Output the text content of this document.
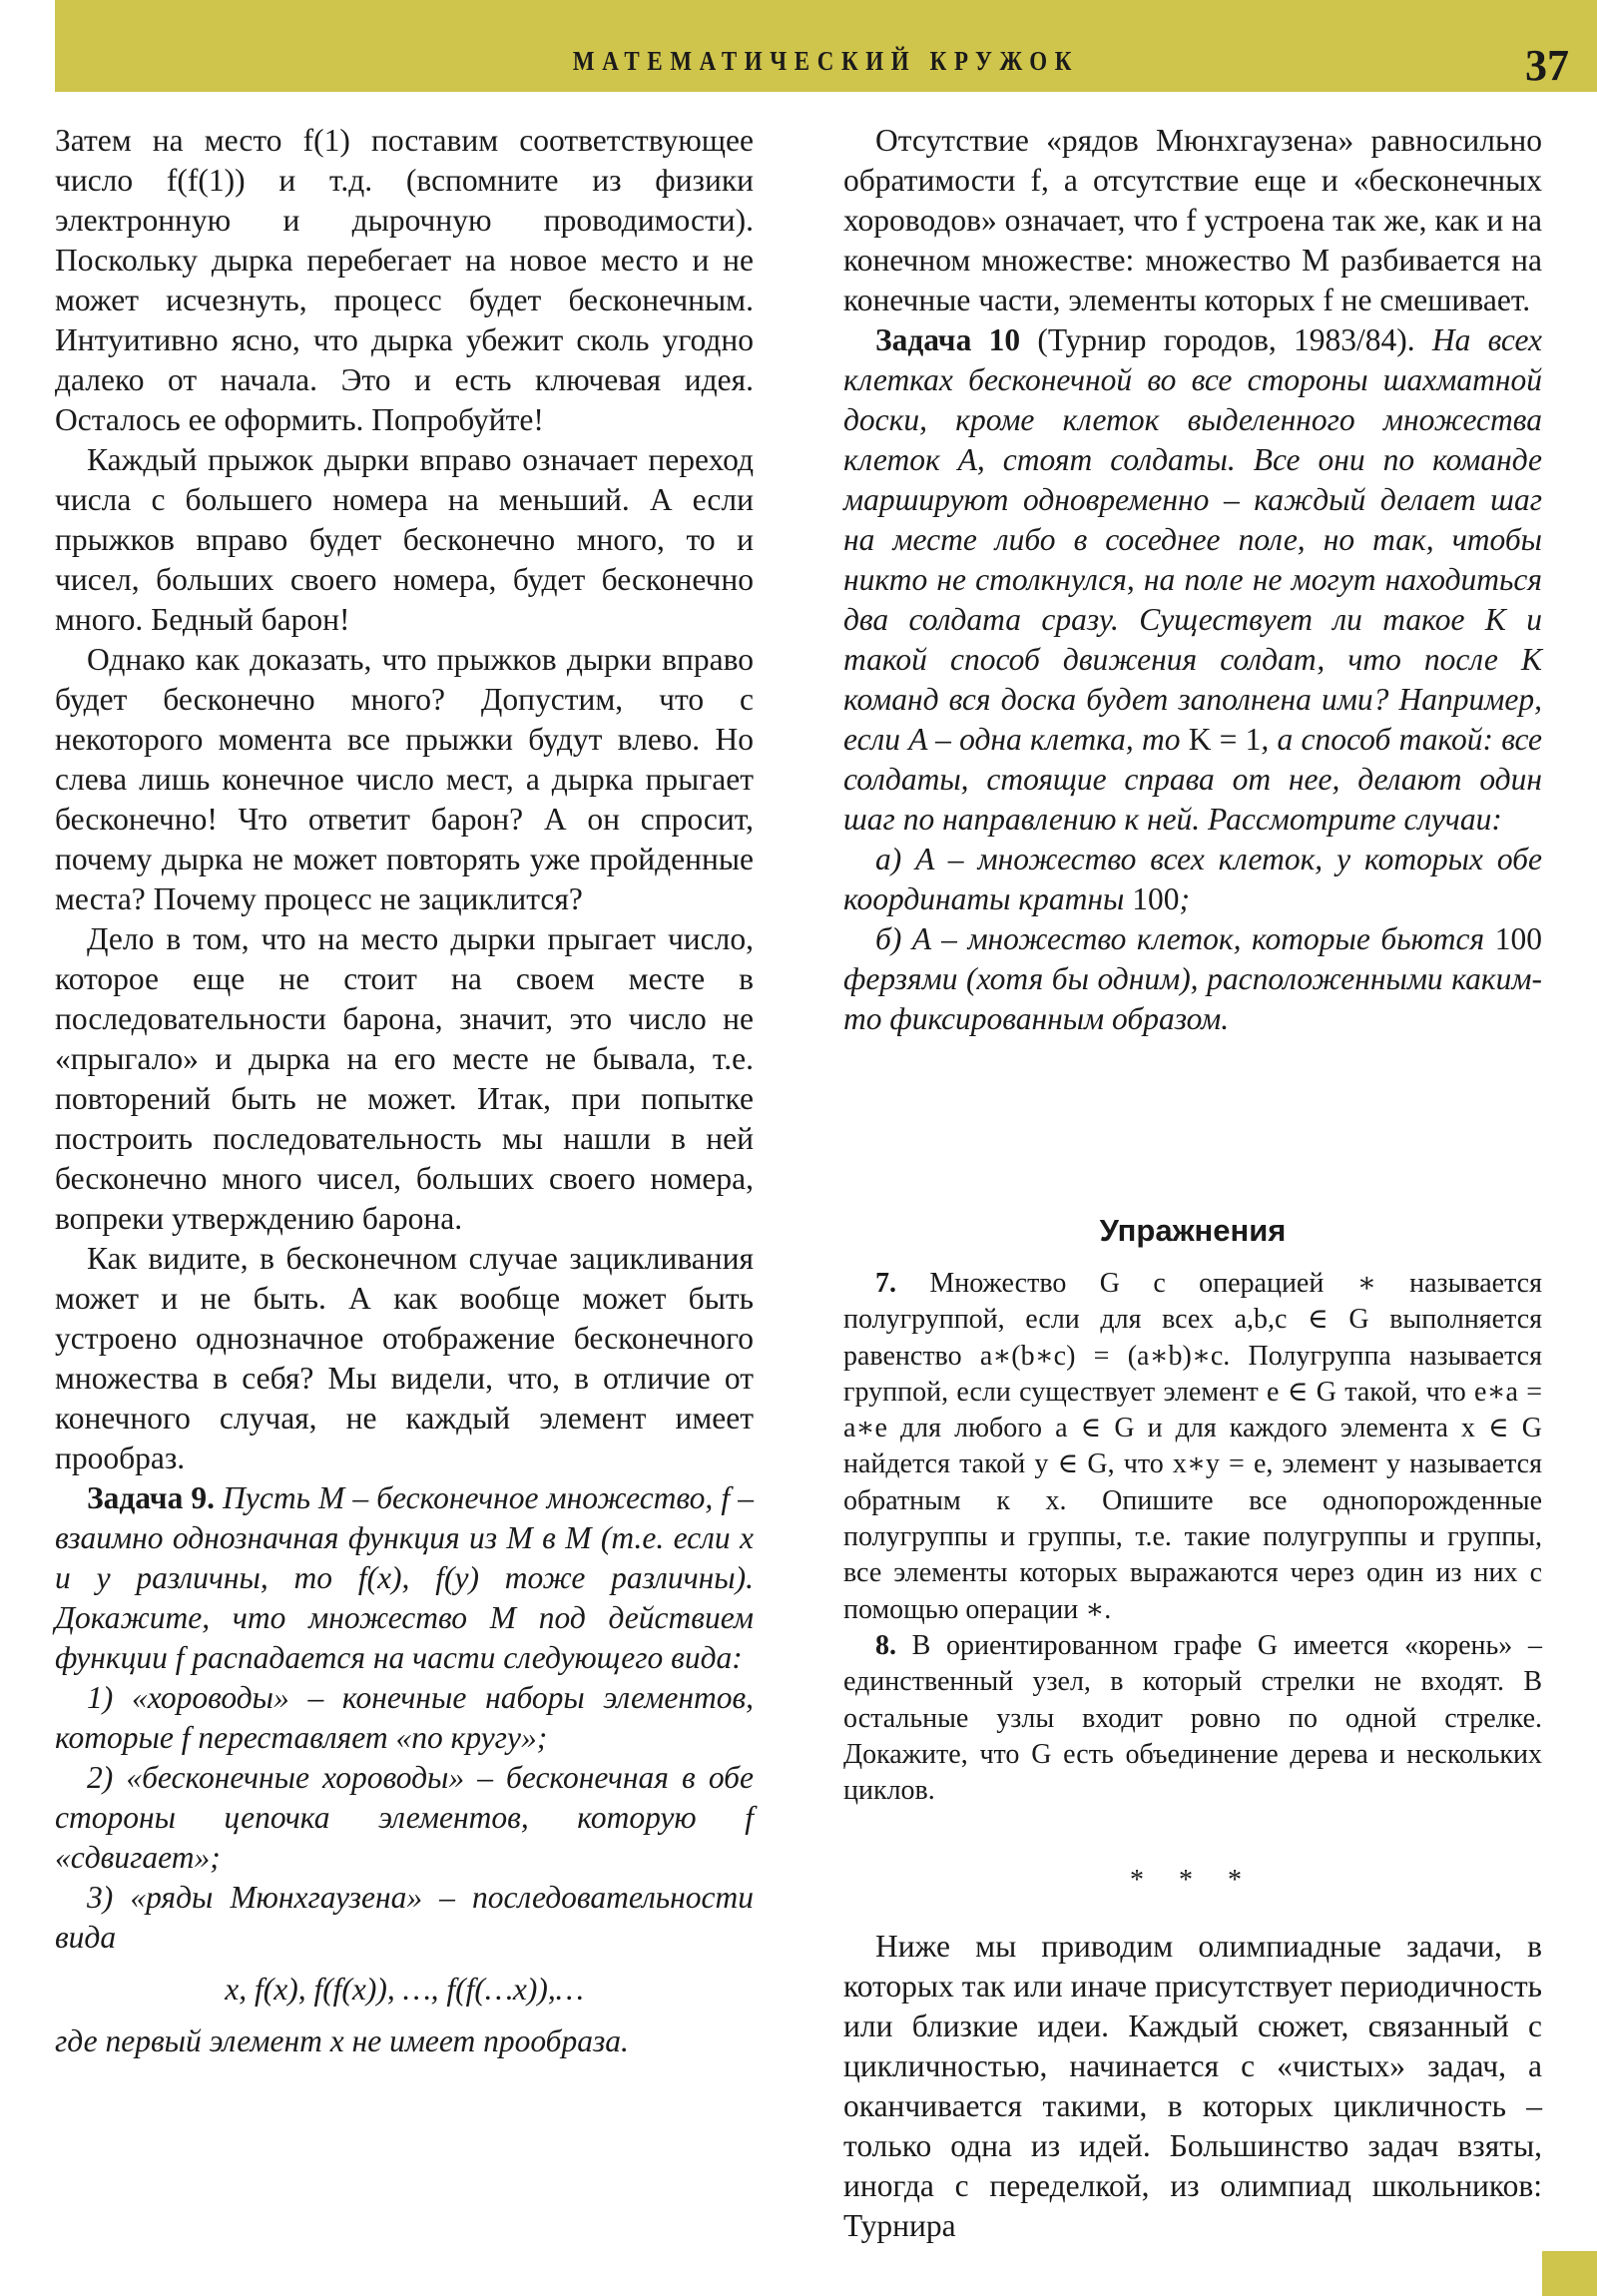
МАТЕМАТИЧЕСКИЙ КРУЖОК	37

Затем на место f(1) поставим соответствующее число f(f(1)) и т.д. (вспомните из физики электронную и дырочную проводимости). Поскольку дырка перебегает на новое место и не может исчезнуть, процесс будет бесконечным. Интуитивно ясно, что дырка убежит сколь угодно далеко от начала. Это и есть ключевая идея. Осталось ее оформить. Попробуйте!

Каждый прыжок дырки вправо означает переход числа с большего номера на меньший. А если прыжков вправо будет бесконечно много, то и чисел, больших своего номера, будет бесконечно много. Бедный барон!

Однако как доказать, что прыжков дырки вправо будет бесконечно много? Допустим, что с некоторого момента все прыжки будут влево. Но слева лишь конечное число мест, а дырка прыгает бесконечно! Что ответит барон? А он спросит, почему дырка не может повторять уже пройденные места? Почему процесс не зациклится?

Дело в том, что на место дырки прыгает число, которое еще не стоит на своем месте в последовательности барона, значит, это число не «прыгало» и дырка на его месте не бывала, т.е. повторений быть не может. Итак, при попытке построить последовательность мы нашли в ней бесконечно много чисел, больших своего номера, вопреки утверждению барона.

Как видите, в бесконечном случае зацикливания может и не быть. А как вообще может быть устроено однозначное отображение бесконечного множества в себя? Мы видели, что, в отличие от конечного случая, не каждый элемент имеет прообраз.

Задача 9. Пусть M – бесконечное множество, f – взаимно однозначная функция из M в M (т.е. если x и y различны, то f(x), f(y) тоже различны). Докажите, что множество M под действием функции f распадается на части следующего вида:

1) «хороводы» – конечные наборы элементов, которые f переставляет «по кругу»;

2) «бесконечные хороводы» – бесконечная в обе стороны цепочка элементов, которую f «сдвигает»;

3) «ряды Мюнхгаузена» – последовательности вида

x, f(x), f(f(x)), …, f(f(…x)),…

где первый элемент x не имеет прообраза.

Отсутствие «рядов Мюнхгаузена» равносильно обратимости f, а отсутствие еще и «бесконечных хороводов» означает, что f устроена так же, как и на конечном множестве: множество M разбивается на конечные части, элементы которых f не смешивает.

Задача 10 (Турнир городов, 1983/84). На всех клетках бесконечной во все стороны шахматной доски, кроме клеток выделенного множества клеток A, стоят солдаты. Все они по команде маршируют одновременно – каждый делает шаг на месте либо в соседнее поле, но так, чтобы никто не столкнулся, на поле не могут находиться два солдата сразу. Существует ли такое K и такой способ движения солдат, что после K команд вся доска будет заполнена ими? Например, если A – одна клетка, то K = 1, а способ такой: все солдаты, стоящие справа от нее, делают один шаг по направлению к ней. Рассмотрите случаи:

а) A – множество всех клеток, у которых обе координаты кратны 100;

б) A – множество клеток, которые бьются 100 ферзями (хотя бы одним), расположенными каким-то фиксированным образом.

Упражнения

7. Множество G с операцией ∗ называется полугруппой, если для всех a,b,c ∈ G выполняется равенство a∗(b∗c) = (a∗b)∗c. Полугруппа называется группой, если существует элемент e ∈ G такой, что e∗a = a∗e для любого a ∈ G и для каждого элемента x ∈ G найдется такой y ∈ G, что x∗y = e, элемент y называется обратным к x. Опишите все однопорожденные полугруппы и группы, т.е. такие полугруппы и группы, все элементы которых выражаются через один из них с помощью операции ∗.

8. В ориентированном графе G имеется «корень» – единственный узел, в который стрелки не входят. В остальные узлы входит ровно по одной стрелке. Докажите, что G есть объединение дерева и нескольких циклов.

* * *

Ниже мы приводим олимпиадные задачи, в которых так или иначе присутствует периодичность или близкие идеи. Каждый сюжет, связанный с цикличностью, начинается с «чистых» задач, а оканчивается такими, в которых цикличность – только одна из идей. Большинство задач взяты, иногда с переделкой, из олимпиад школьников: Турнира
